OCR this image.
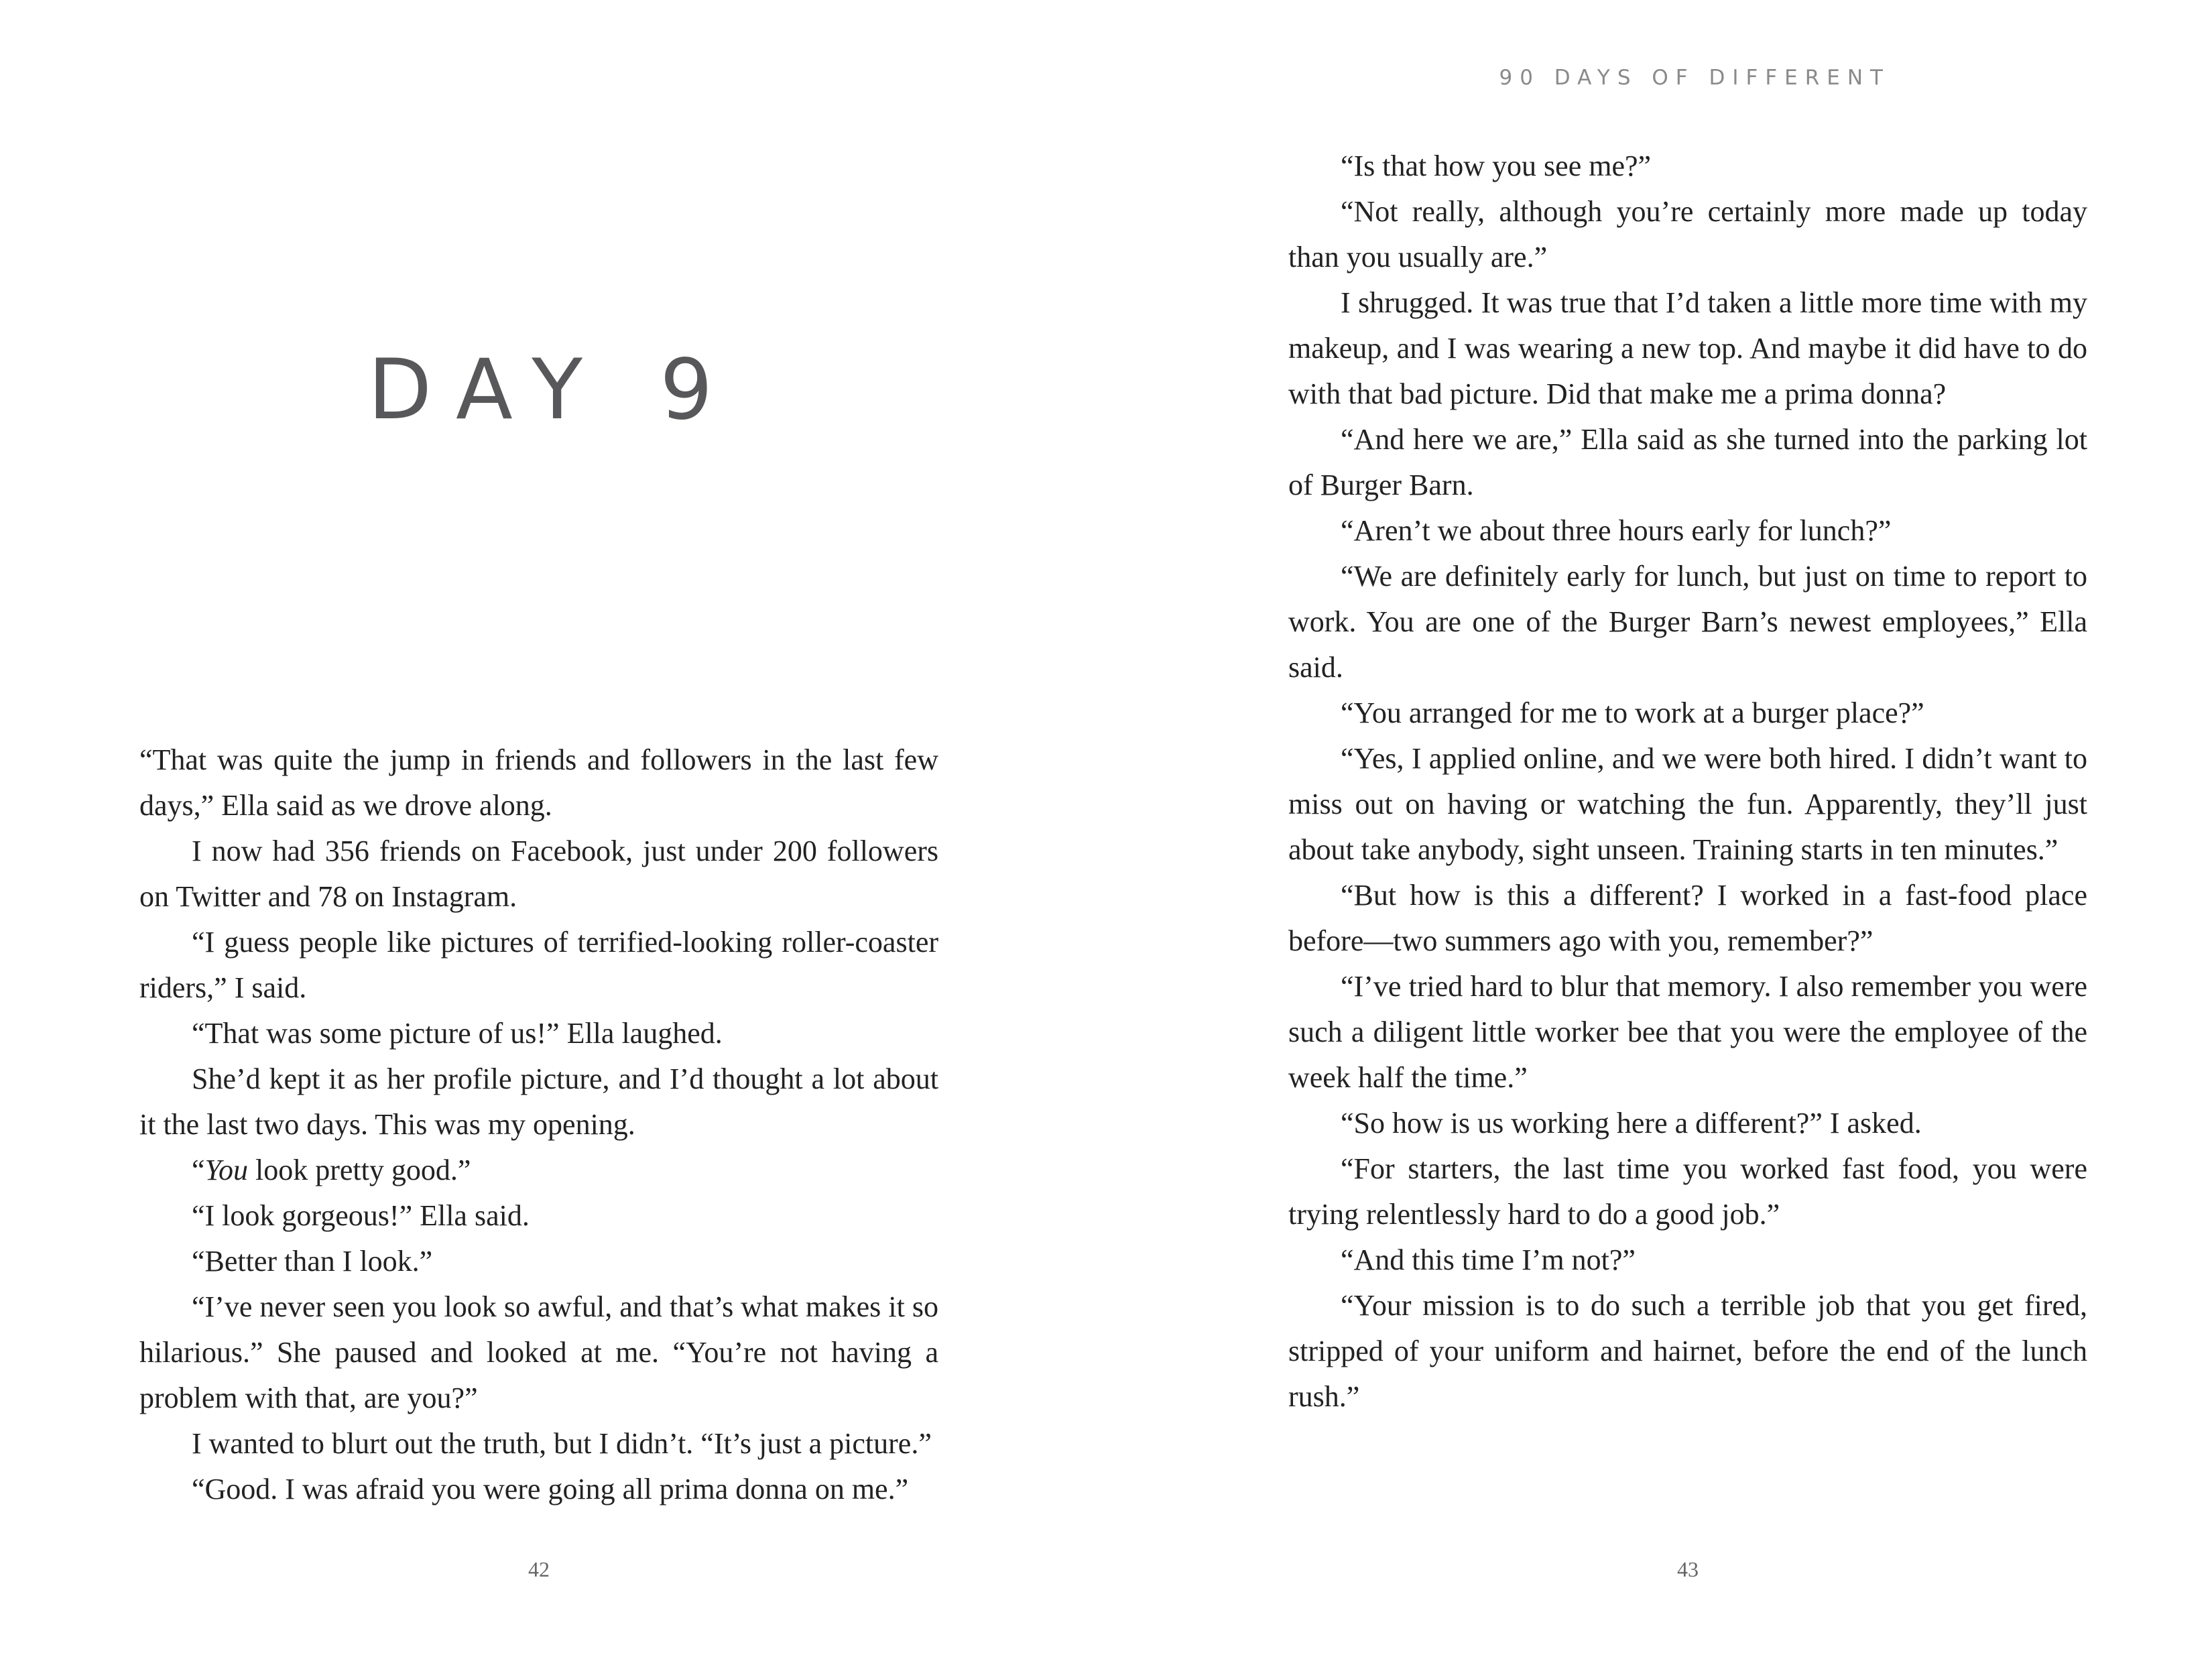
DAY 9

“That was quite the jump in friends and followers in the last few days,” Ella said as we drove along.

I now had 356 friends on Facebook, just under 200 followers on Twitter and 78 on Instagram.

“I guess people like pictures of terrified-looking roller-coaster riders,” I said.

“That was some picture of us!” Ella laughed.

She’d kept it as her profile picture, and I’d thought a lot about it the last two days. This was my opening.

“You look pretty good.”

“I look gorgeous!” Ella said.

“Better than I look.”

“I’ve never seen you look so awful, and that’s what makes it so hilarious.” She paused and looked at me. “You’re not having a problem with that, are you?”

I wanted to blurt out the truth, but I didn’t. “It’s just a picture.”

“Good. I was afraid you were going all prima donna on me.”

42
90 DAYS OF DIFFERENT

“Is that how you see me?”

“Not really, although you’re certainly more made up today than you usually are.”

I shrugged. It was true that I’d taken a little more time with my makeup, and I was wearing a new top. And maybe it did have to do with that bad picture. Did that make me a prima donna?

“And here we are,” Ella said as she turned into the parking lot of Burger Barn.

“Aren’t we about three hours early for lunch?”

“We are definitely early for lunch, but just on time to report to work. You are one of the Burger Barn’s newest employees,” Ella said.

“You arranged for me to work at a burger place?”

“Yes, I applied online, and we were both hired. I didn’t want to miss out on having or watching the fun. Apparently, they’ll just about take anybody, sight unseen. Training starts in ten minutes.”

“But how is this a different? I worked in a fast-food place before—two summers ago with you, remember?”

“I’ve tried hard to blur that memory. I also remember you were such a diligent little worker bee that you were the employee of the week half the time.”

“So how is us working here a different?” I asked.

“For starters, the last time you worked fast food, you were trying relentlessly hard to do a good job.”

“And this time I’m not?”

“Your mission is to do such a terrible job that you get fired, stripped of your uniform and hairnet, before the end of the lunch rush.”

43
